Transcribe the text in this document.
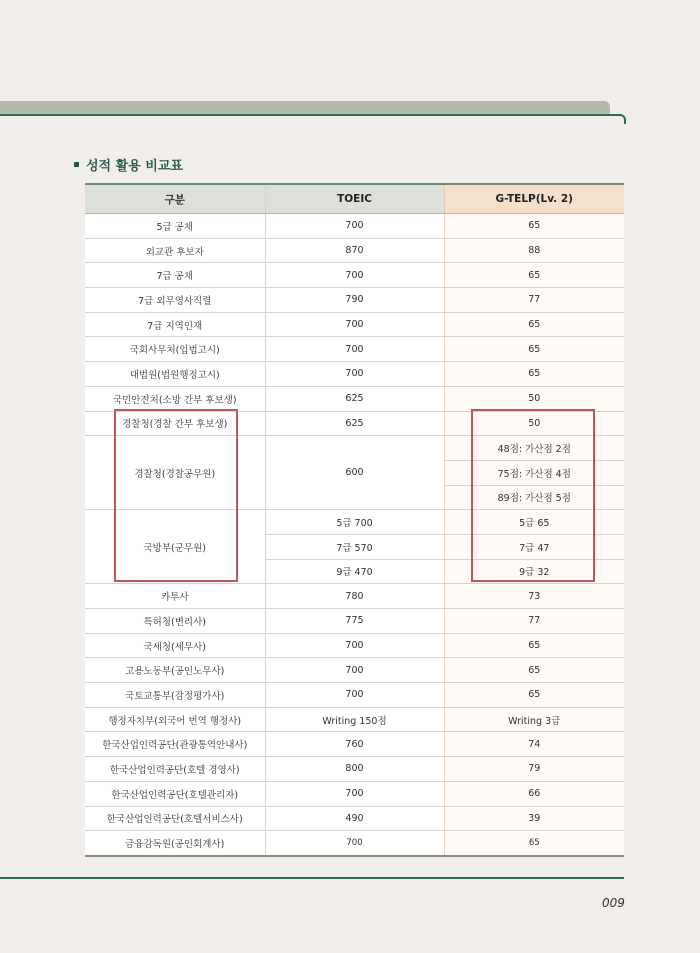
성적 활용 비교표
구분	TOEIC	G-TELP(Lv. 2)
5급 공채	700	65
외교관 후보자	870	88
7급 공채	700	65
7급 외무영사직렬	790	77
7급 지역인재	700	65
국회사무처(입법고시)	700	65
대법원(법원행정고시)	700	65
국민안전처(소방 간부 후보생)	625	50
경찰청(경찰 간부 후보생)	625	50
경찰청(경찰공무원)	600	48점: 가산점 2점
		75점: 가산점 4점
		89점: 가산점 5점
국방부(군무원)	5급 700	5급 65
	7급 570	7급 47
	9급 470	9급 32
카투사	780	73
특허청(변리사)	775	77
국세청(세무사)	700	65
고용노동부(공인노무사)	700	65
국토교통부(감정평가사)	700	65
행정자치부(외국어 번역 행정사)	Writing 150점	Writing 3급
한국산업인력공단(관광통역안내사)	760	74
한국산업인력공단(호텔 경영사)	800	79
한국산업인력공단(호텔관리자)	700	66
한국산업인력공단(호텔서비스사)	490	39
금융감독원(공인회계사)	700	65
009
